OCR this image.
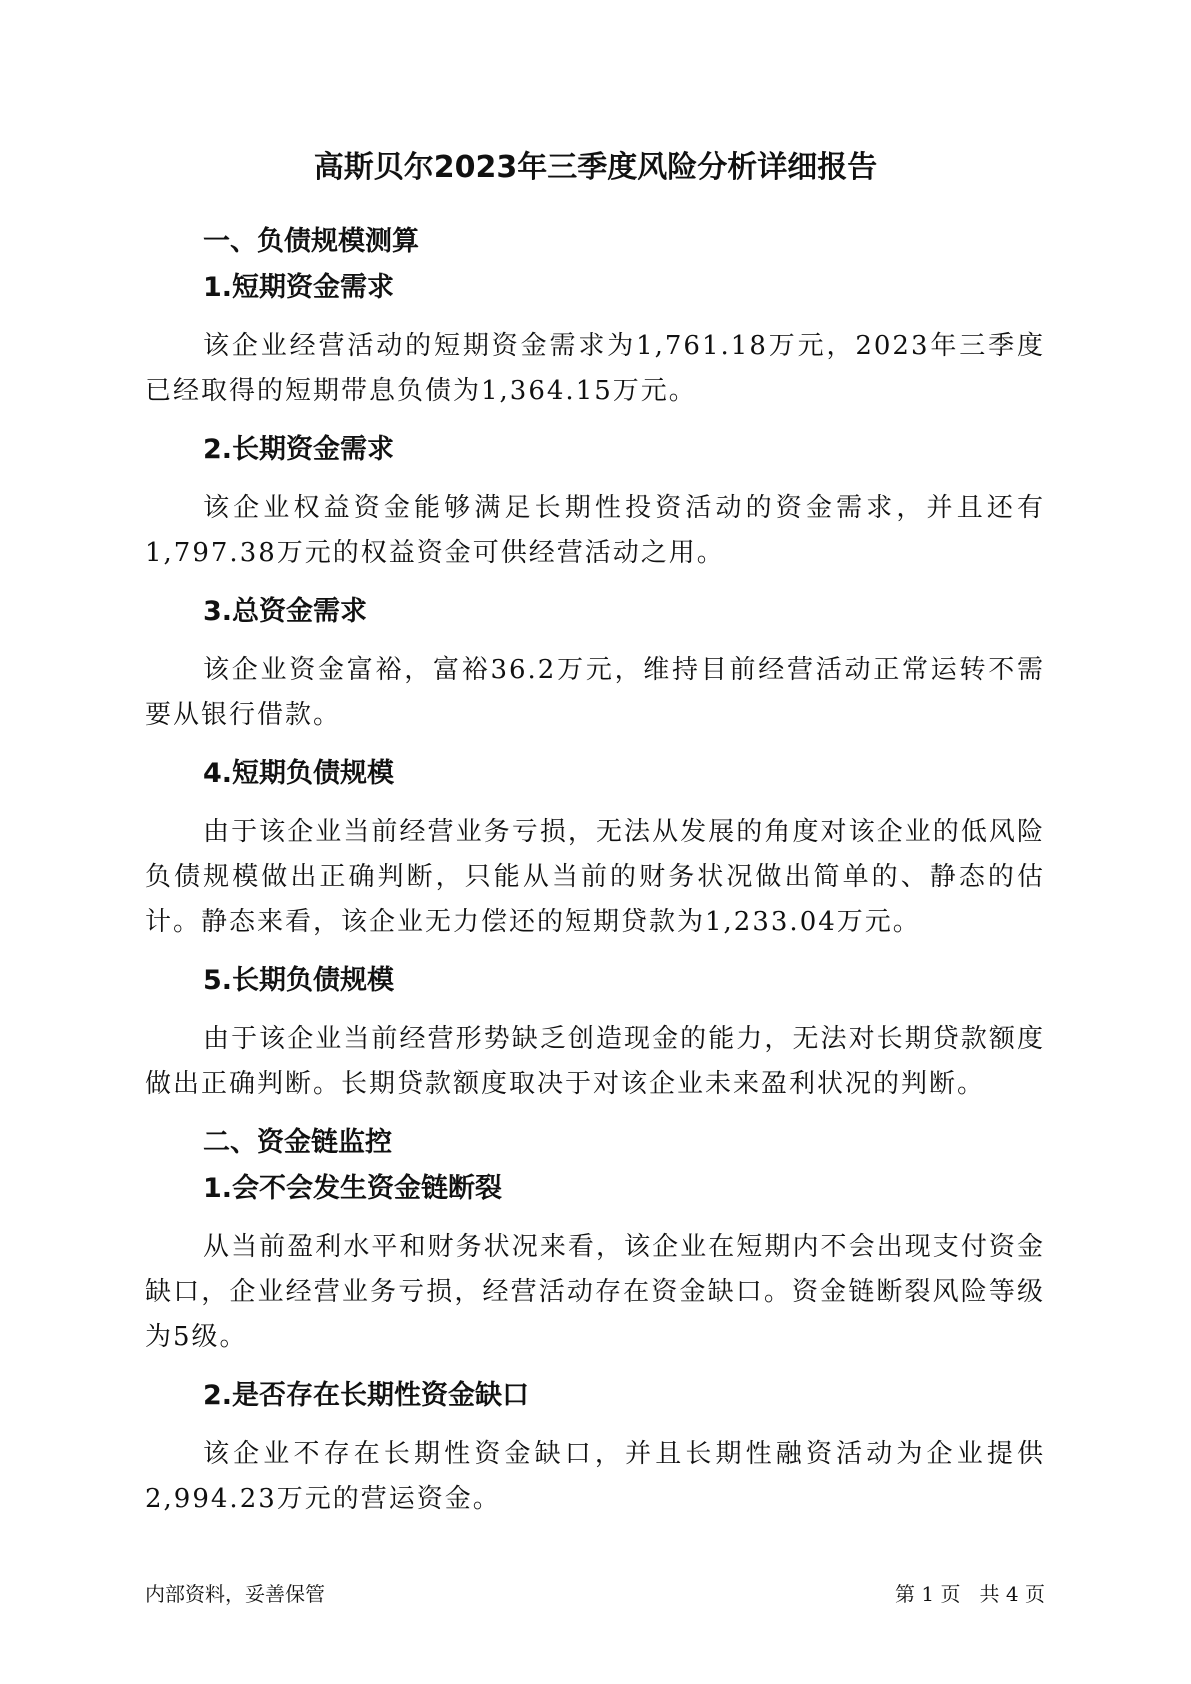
高斯贝尔2023年三季度风险分析详细报告
一、负债规模测算
1.短期资金需求

该企业经营活动的短期资金需求为1,761.18万元，2023年三季度已经取得的短期带息负债为1,364.15万元。

2.长期资金需求

该企业权益资金能够满足长期性投资活动的资金需求，并且还有1,797.38万元的权益资金可供经营活动之用。

3.总资金需求

该企业资金富裕，富裕36.2万元，维持目前经营活动正常运转不需要从银行借款。

4.短期负债规模

由于该企业当前经营业务亏损，无法从发展的角度对该企业的低风险负债规模做出正确判断，只能从当前的财务状况做出简单的、静态的估计。静态来看，该企业无力偿还的短期贷款为1,233.04万元。

5.长期负债规模

由于该企业当前经营形势缺乏创造现金的能力，无法对长期贷款额度做出正确判断。长期贷款额度取决于对该企业未来盈利状况的判断。

二、资金链监控
1.会不会发生资金链断裂

从当前盈利水平和财务状况来看，该企业在短期内不会出现支付资金缺口，企业经营业务亏损，经营活动存在资金缺口。资金链断裂风险等级为5级。

2.是否存在长期性资金缺口

该企业不存在长期性资金缺口，并且长期性融资活动为企业提供2,994.23万元的营运资金。

内部资料，妥善保管	第 1 页   共 4 页
